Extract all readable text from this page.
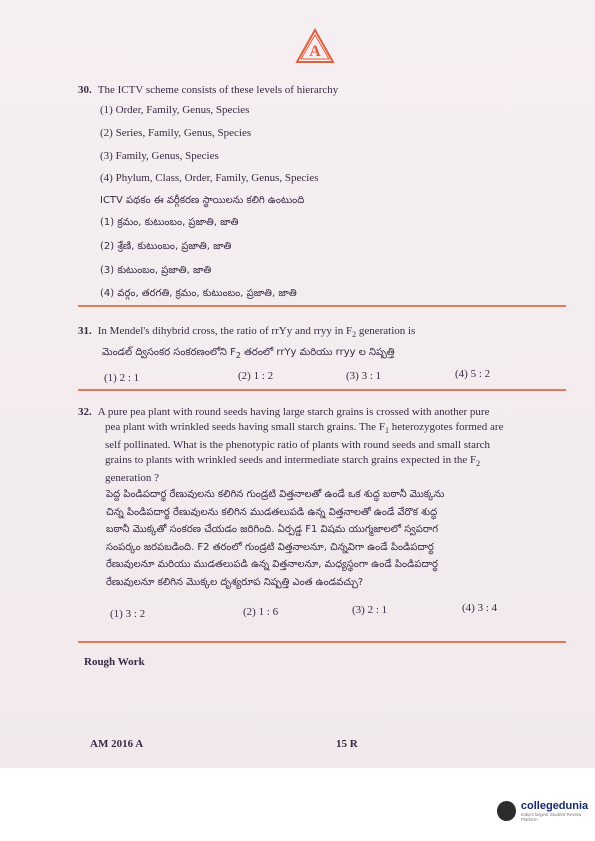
A
30. The ICTV scheme consists of these levels of hierarchy
(1) Order, Family, Genus, Species
(2) Series, Family, Genus, Species
(3) Family, Genus, Species
(4) Phylum, Class, Order, Family, Genus, Species
ICTV పథకం ఈ వర్గీకరణ స్థాయిలను కలిగి ఉంటుంది
(1) క్రమం, కుటుంబం, ప్రజాతి, జాతి
(2) శ్రేణి, కుటుంబం, ప్రజాతి, జాతి
(3) కుటుంబం, ప్రజాతి, జాతి
(4) వర్గం, తరగతి, క్రమం, కుటుంబం, ప్రజాతి, జాతి
31. In Mendel's dihybrid cross, the ratio of rrYy and rryy in $F_2$ generation is
మెండల్ ద్విసంకర సంకరణంలోని $F_2$ తరంలో rrYy మరియు rryy ల నిష్పత్తి
(1) 2 : 1	(2) 1 : 2	(3) 3 : 1	(4) 5 : 2
32. A pure pea plant with round seeds having large starch grains is crossed with another pure
pea plant with wrinkled seeds having small starch grains. The $F_1$ heterozygotes formed are
self pollinated. What is the phenotypic ratio of plants with round seeds and small starch
grains to plants with wrinkled seeds and intermediate starch grains expected in the $F_2$
generation ?
పెద్ద పిండిపదార్థ రేణువులను కలిగిన గుండ్రటి విత్తనాలతో ఉండే ఒక శుద్ధ బఠానీ మొక్కను
చిన్న పిండిపదార్థ రేణువులను కలిగిన ముడతలుపడి ఉన్న విత్తనాలతో ఉండే వేరొక శుద్ధ
బఠానీ మొక్కతో సంకరణ చేయడం జరిగింది. ఏర్పడ్డ F1 విషమ యుగ్మజాలలో స్వపరాగ
సంపర్కం జరపబడింది. F2 తరంలో గుండ్రటి విత్తనాలనూ, చిన్నవిగా ఉండే పిండిపదార్థ
రేణువులనూ మరియు ముడతలుపడి ఉన్న విత్తనాలనూ, మధ్యస్థంగా ఉండే పిండిపదార్థ
రేణువులనూ కలిగిన మొక్కల దృశ్యరూప నిష్పత్తి ఎంత ఉండవచ్చు?
(1) 3 : 2	(2) 1 : 6	(3) 2 : 1	(4) 3 : 4
Rough Work
AM 2016 A	15 R
collegedunia
India's largest Student Review Platform
